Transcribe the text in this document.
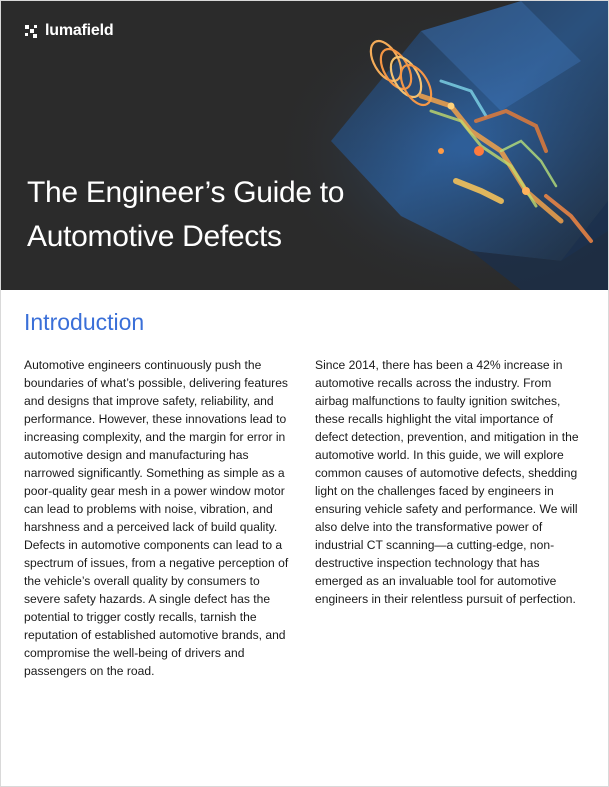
lumafield
The Engineer’s Guide to
Automotive Defects
Introduction

Automotive engineers continuously push the boundaries of what’s possible, delivering features and designs that improve safety, reliability, and performance. However, these innovations lead to increasing complexity, and the margin for error in automotive design and manufacturing has narrowed significantly. Something as simple as a poor-quality gear mesh in a power window motor can lead to problems with noise, vibration, and harshness and a perceived lack of build quality. Defects in automotive components can lead to a spectrum of issues, from a negative perception of the vehicle’s overall quality by consumers to severe safety hazards. A single defect has the potential to trigger costly recalls, tarnish the reputation of established automotive brands, and compromise the well-being of drivers and passengers on the road.

Since 2014, there has been a 42% increase in automotive recalls across the industry. From airbag malfunctions to faulty ignition switches, these recalls highlight the vital importance of defect detection, prevention, and mitigation in the automotive world. In this guide, we will explore common causes of automotive defects, shedding light on the challenges faced by engineers in ensuring vehicle safety and performance. We will also delve into the transformative power of industrial CT scanning—a cutting-edge, non-destructive inspection technology that has emerged as an invaluable tool for automotive engineers in their relentless pursuit of perfection.
